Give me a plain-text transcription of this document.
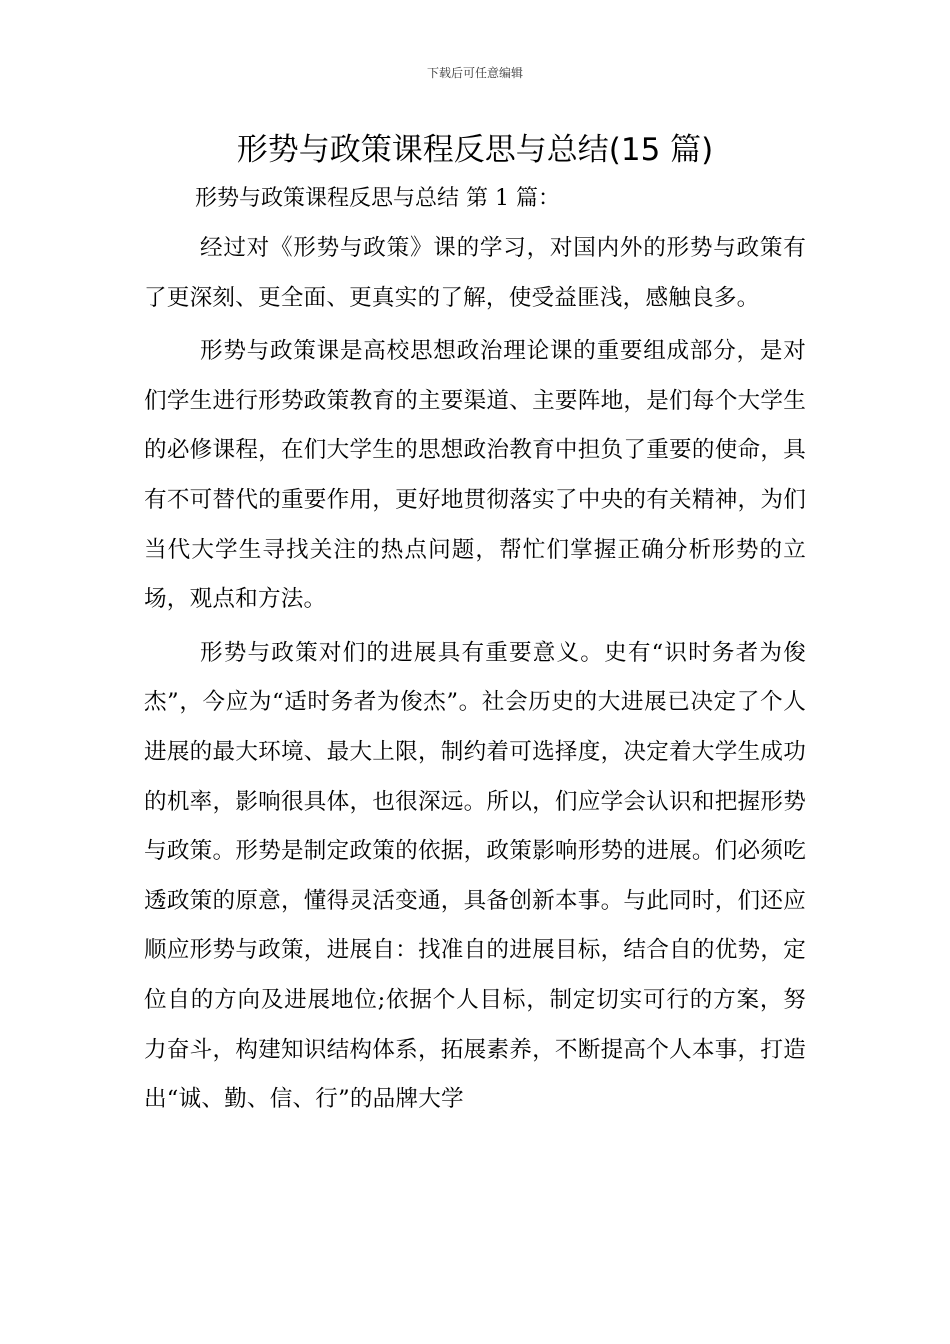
下载后可任意编辑
形势与政策课程反思与总结(15 篇)

形势与政策课程反思与总结 第 1 篇：

经过对《形势与政策》课的学习，对国内外的形势与政策有了更深刻、更全面、更真实的了解，使受益匪浅，感触良多。

形势与政策课是高校思想政治理论课的重要组成部分，是对们学生进行形势政策教育的主要渠道、主要阵地，是们每个大学生的必修课程，在们大学生的思想政治教育中担负了重要的使命，具有不可替代的重要作用，更好地贯彻落实了中央的有关精神，为们当代大学生寻找关注的热点问题，帮忙们掌握正确分析形势的立场，观点和方法。

形势与政策对们的进展具有重要意义。史有“识时务者为俊杰”，今应为“适时务者为俊杰”。社会历史的大进展已决定了个人进展的最大环境、最大上限，制约着可选择度，决定着大学生成功的机率，影响很具体，也很深远。所以，们应学会认识和把握形势与政策。形势是制定政策的依据，政策影响形势的进展。们必须吃透政策的原意，懂得灵活变通，具备创新本事。与此同时，们还应顺应形势与政策，进展自：找准自的进展目标，结合自的优势，定位自的方向及进展地位;依据个人目标，制定切实可行的方案，努力奋斗，构建知识结构体系，拓展素养，不断提高个人本事，打造出“诚、勤、信、行”的品牌大学
